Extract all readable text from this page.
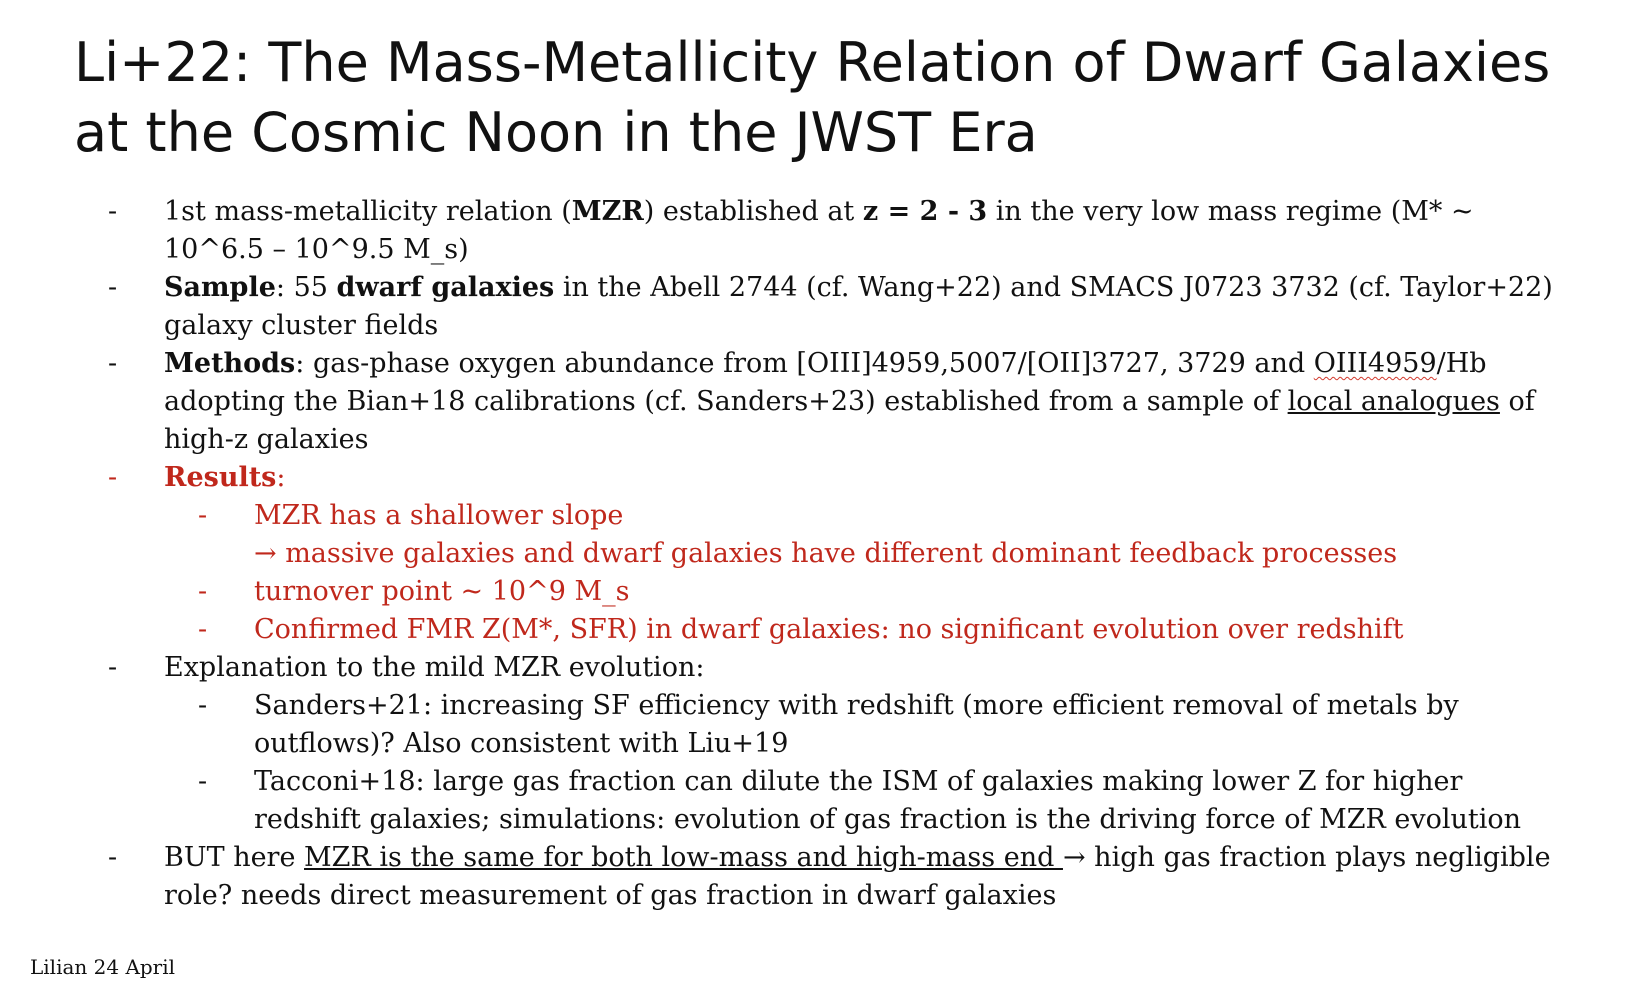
Li+22: The Mass-Metallicity Relation of Dwarf Galaxies at the Cosmic Noon in the JWST Era
- 1st mass-metallicity relation (MZR) established at z = 2 - 3 in the very low mass regime (M* ~ 10^6.5 – 10^9.5 M_s)
- Sample: 55 dwarf galaxies in the Abell 2744 (cf. Wang+22) and SMACS J0723 3732 (cf. Taylor+22) galaxy cluster fields
- Methods: gas-phase oxygen abundance from [OIII]4959,5007/[OII]3727, 3729 and OIII4959/Hb adopting the Bian+18 calibrations (cf. Sanders+23) established from a sample of local analogues of high-z galaxies
- Results:
- MZR has a shallower slope
→ massive galaxies and dwarf galaxies have different dominant feedback processes
- turnover point ~ 10^9 M_s
- Confirmed FMR Z(M*, SFR) in dwarf galaxies: no significant evolution over redshift
- Explanation to the mild MZR evolution:
- Sanders+21: increasing SF efficiency with redshift (more efficient removal of metals by outflows)? Also consistent with Liu+19
- Tacconi+18: large gas fraction can dilute the ISM of galaxies making lower Z for higher redshift galaxies; simulations: evolution of gas fraction is the driving force of MZR evolution
- BUT here MZR is the same for both low-mass and high-mass end → high gas fraction plays negligible role? needs direct measurement of gas fraction in dwarf galaxies
Lilian 24 April
